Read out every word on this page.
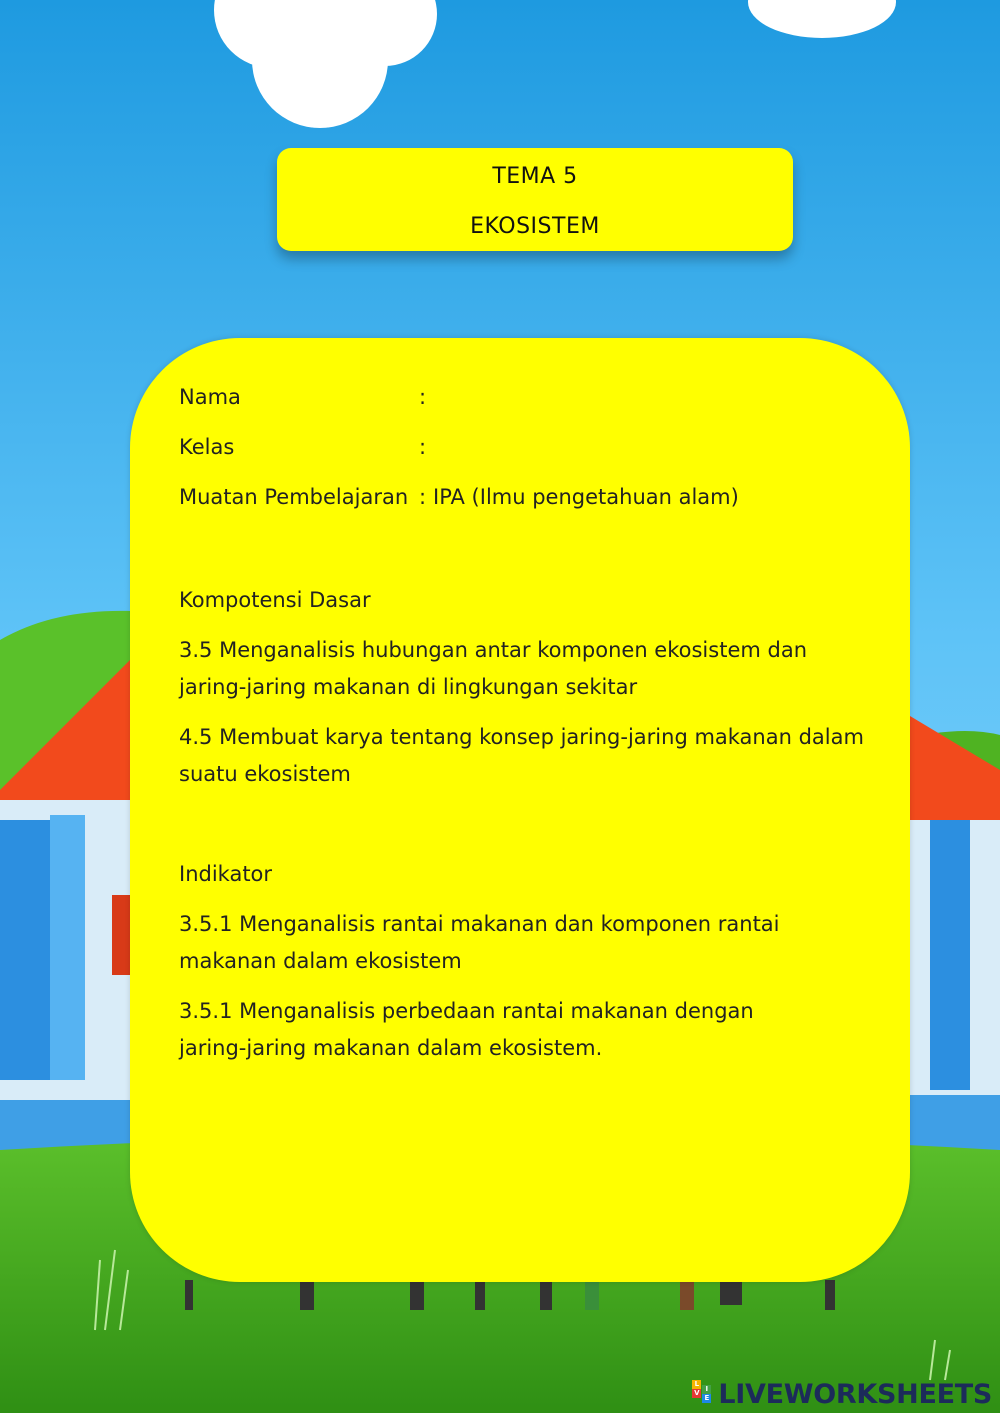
TEMA 5
EKOSISTEM
Nama	:
Kelas	:
Muatan Pembelajaran : IPA (Ilmu pengetahuan alam)
Kompotensi Dasar
3.5 Menganalisis hubungan antar komponen ekosistem dan jaring-jaring makanan di lingkungan sekitar
4.5 Membuat karya tentang konsep jaring-jaring makanan dalam suatu ekosistem
Indikator
3.5.1 Menganalisis rantai makanan dan komponen rantai makanan dalam ekosistem
3.5.1 Menganalisis perbedaan rantai makanan dengan jaring-jaring makanan dalam ekosistem.
L
V I
E LIVEWORKSHEETS
